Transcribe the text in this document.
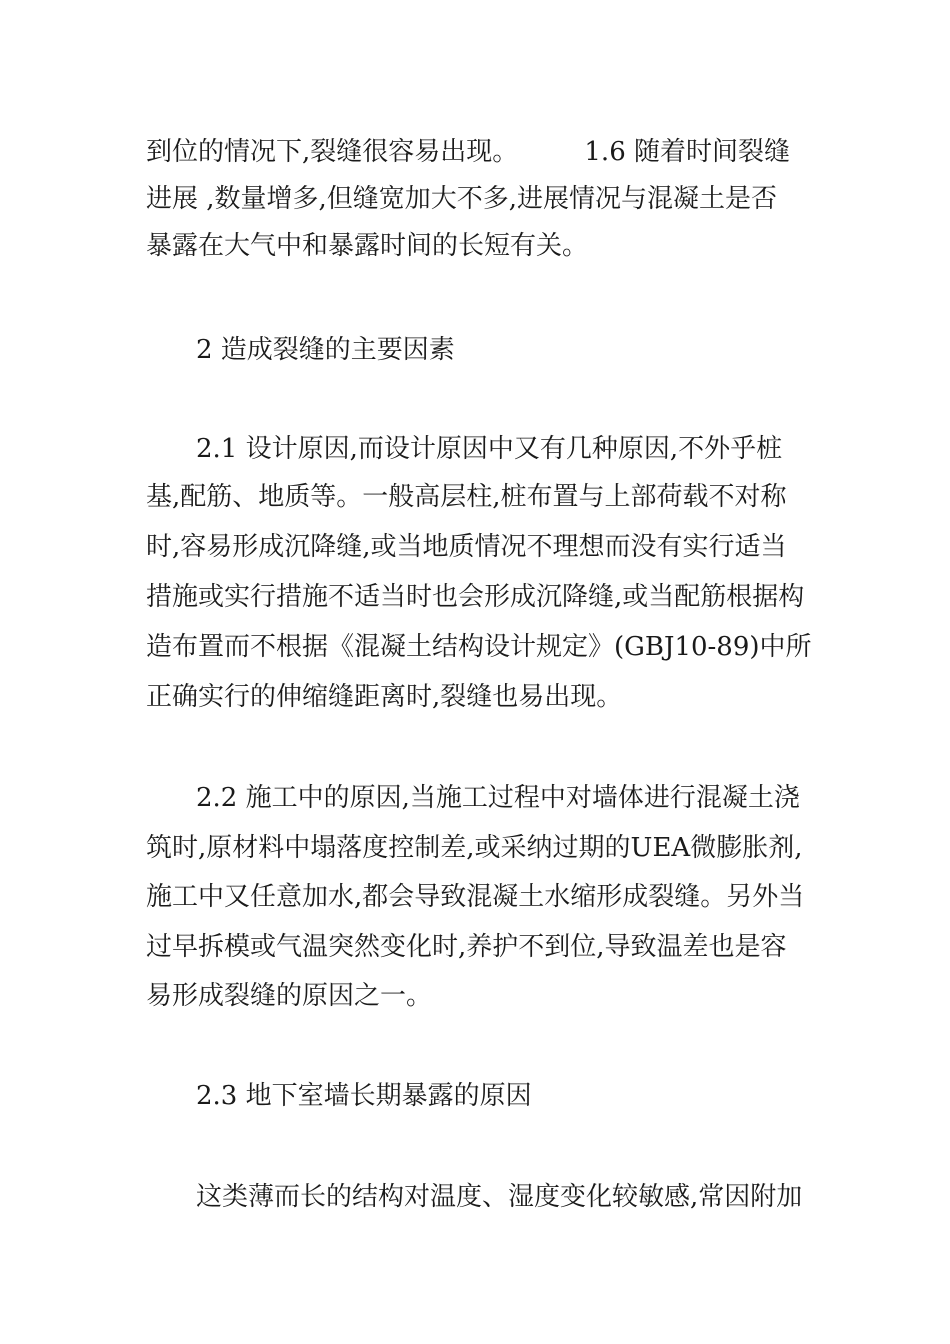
到位的情况下,裂缝很容易出现。        1.6 随着时间裂缝
进展 ,数量增多,但缝宽加大不多,进展情况与混凝土是否
暴露在大气中和暴露时间的长短有关。
2 造成裂缝的主要因素
2.1 设计原因,而设计原因中又有几种原因,不外乎桩
基,配筋、地质等。一般高层柱,桩布置与上部荷载不对称
时,容易形成沉降缝,或当地质情况不理想而没有实行适当
措施或实行措施不适当时也会形成沉降缝,或当配筋根据构
造布置而不根据《混凝土结构设计规定》(GBJ10-89)中所
正确实行的伸缩缝距离时,裂缝也易出现。
2.2 施工中的原因,当施工过程中对墙体进行混凝土浇
筑时,原材料中塌落度控制差,或采纳过期的UEA微膨胀剂,
施工中又任意加水,都会导致混凝土水缩形成裂缝。另外当
过早拆模或气温突然变化时,养护不到位,导致温差也是容
易形成裂缝的原因之一。
2.3 地下室墙长期暴露的原因
这类薄而长的结构对温度、湿度变化较敏感,常因附加
